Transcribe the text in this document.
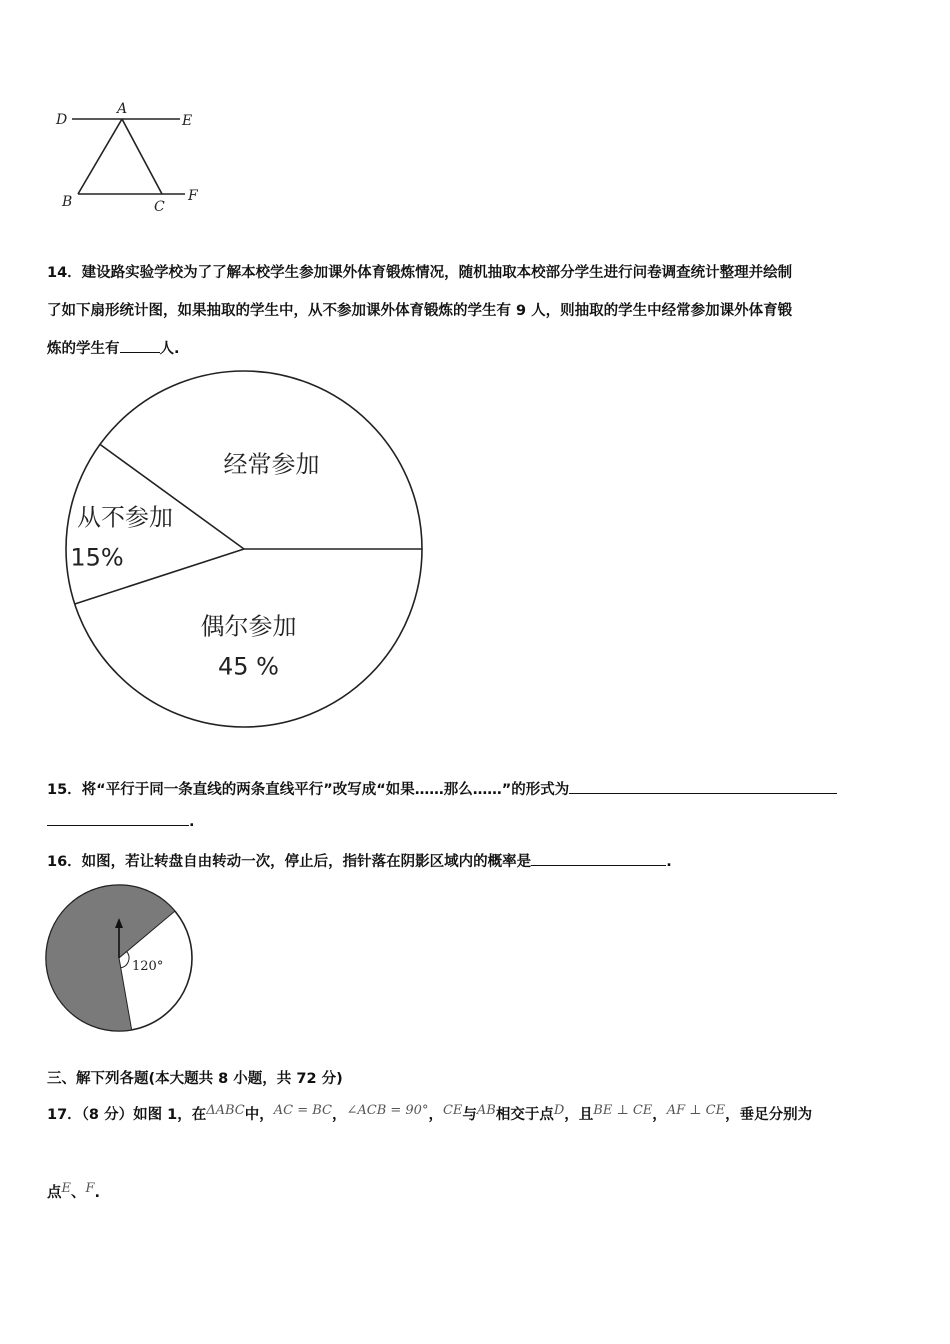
A
D	E
B	C
F
14．建设路实验学校为了了解本校学生参加课外体育锻炼情况，随机抽取本校部分学生进行问卷调查统计整理并绘制
了如下扇形统计图，如果抽取的学生中，从不参加课外体育锻炼的学生有 9 人，则抽取的学生中经常参加课外体育锻
炼的学生有	人.
经常参加
从不参加
15%
偶尔参加
45 %
15．将“平行于同一条直线的两条直线平行”改写成“如果……那么……”的形式为
.
16．如图，若让转盘自由转动一次，停止后，指针落在阴影区域内的概率是	.
120°
三、解下列各题(本大题共 8 小题，共 72 分)
17．（8 分）如图 1，在ΔABC中，AC = BC，∠ACB = 90°，CE与AB相交于点D，且BE ⊥ CE，AF ⊥ CE，垂足分别为
点E、F.
